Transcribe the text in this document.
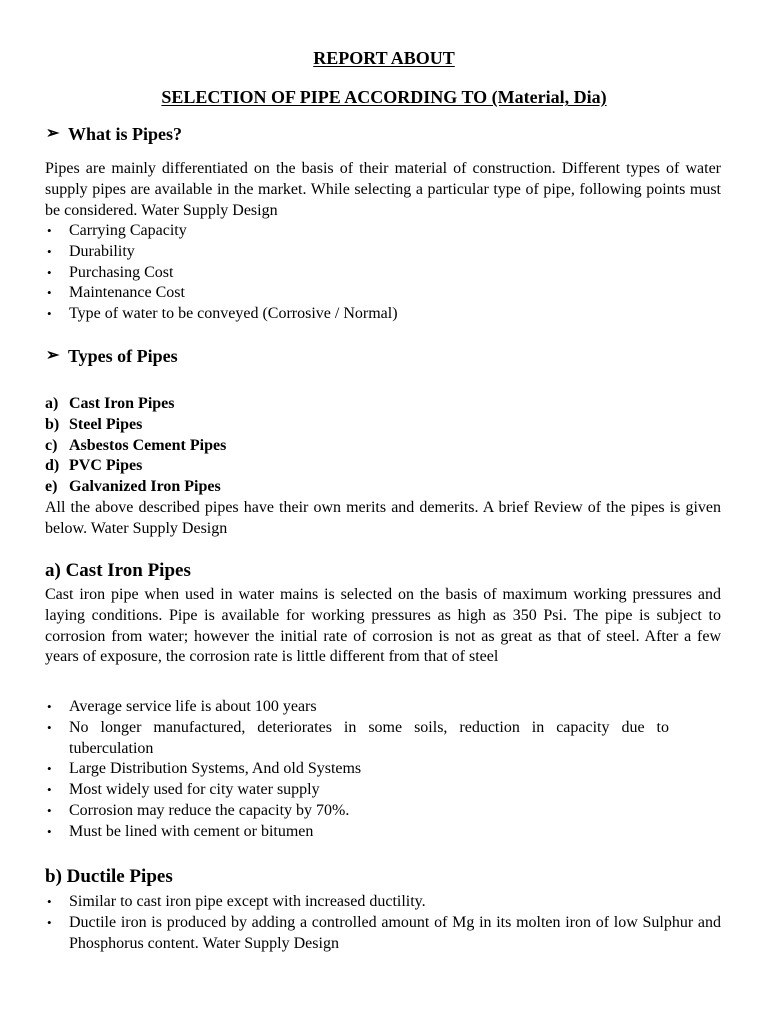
REPORT ABOUT
SELECTION OF PIPE ACCORDING TO (Material, Dia)
➢ What is Pipes?
Pipes are mainly differentiated on the basis of their material of construction. Different types of water supply pipes are available in the market. While selecting a particular type of pipe, following points must be considered. Water Supply Design
• Carrying Capacity
• Durability
• Purchasing Cost
• Maintenance Cost
• Type of water to be conveyed (Corrosive / Normal)
➢ Types of Pipes
a) Cast Iron Pipes
b) Steel Pipes
c) Asbestos Cement Pipes
d) PVC Pipes
e) Galvanized Iron Pipes
All the above described pipes have their own merits and demerits. A brief Review of the pipes is given below. Water Supply Design
a) Cast Iron Pipes
Cast iron pipe when used in water mains is selected on the basis of maximum working pressures and laying conditions. Pipe is available for working pressures as high as 350 Psi. The pipe is subject to corrosion from water; however the initial rate of corrosion is not as great as that of steel. After a few years of exposure, the corrosion rate is little different from that of steel
• Average service life is about 100 years
• No longer manufactured, deteriorates in some soils, reduction in capacity due to tuberculation
• Large Distribution Systems, And old Systems
• Most widely used for city water supply
• Corrosion may reduce the capacity by 70%.
• Must be lined with cement or bitumen
b) Ductile Pipes
• Similar to cast iron pipe except with increased ductility.
• Ductile iron is produced by adding a controlled amount of Mg in its molten iron of low Sulphur and Phosphorus content. Water Supply Design
